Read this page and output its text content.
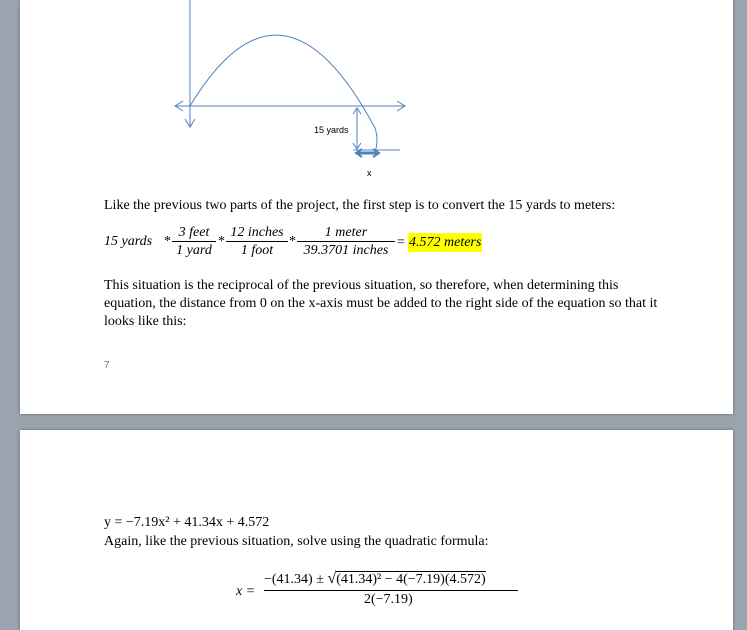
15 yards
x
Like the previous two parts of the project, the first step is to convert the 15 yards to meters:
15 yards *
3 feet
1 yard
*
12 inches
1 foot
*
1 meter
39.3701 inches
= 4.572 meters
This situation is the reciprocal of the previous situation, so therefore, when determining this equation, the distance from 0 on the x-axis must be added to the right side of the equation so that it looks like this:
7
y = −7.19x² + 41.34x + 4.572
Again, like the previous situation, solve using the quadratic formula:
x =
−(41.34) ± √(41.34)² − 4(−7.19)(4.572)
2(−7.19)
